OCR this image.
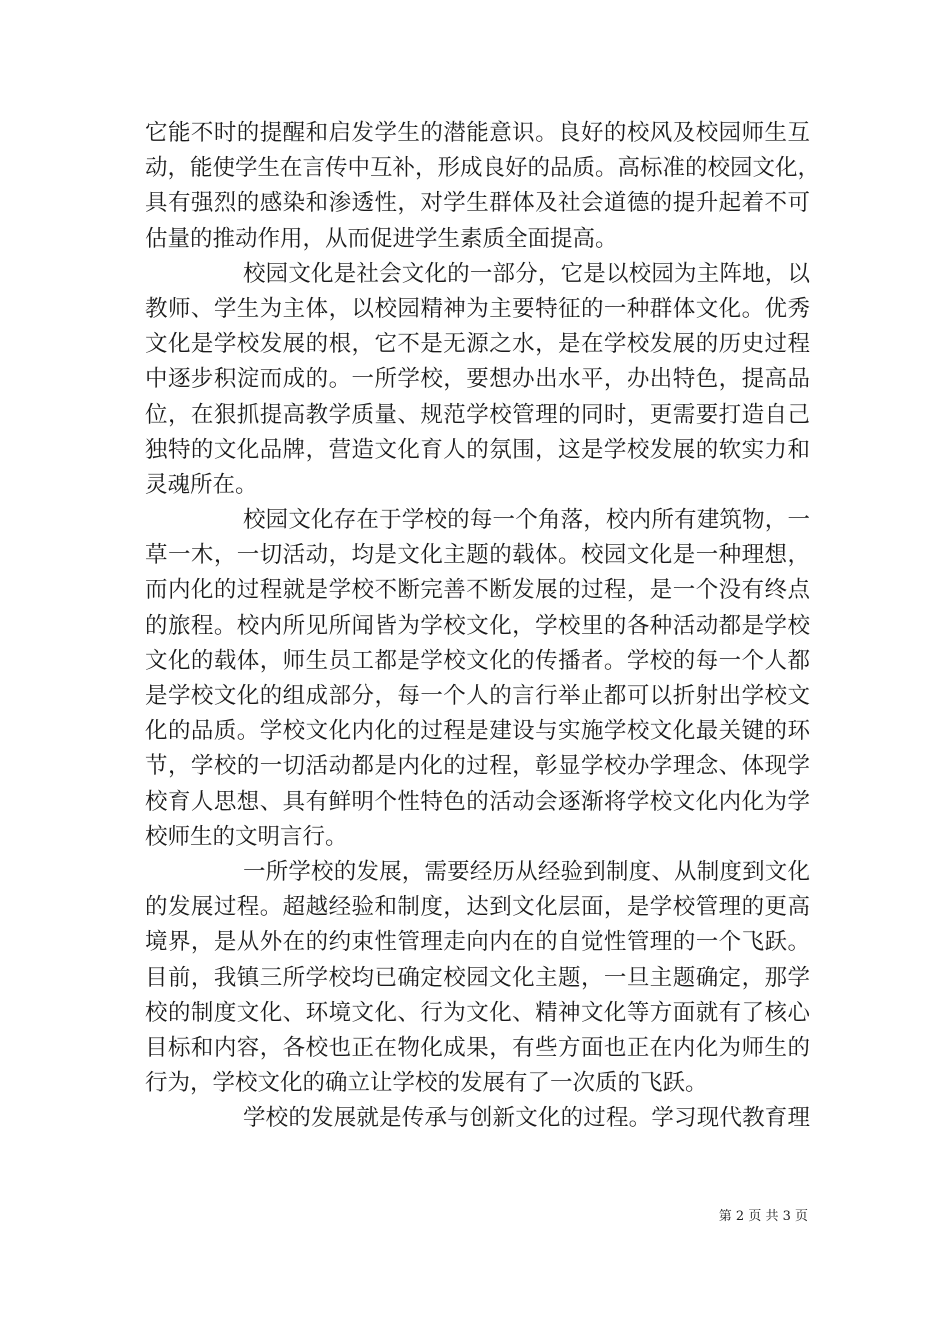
它能不时的提醒和启发学生的潜能意识。良好的校风及校园师生互
动，能使学生在言传中互补，形成良好的品质。高标准的校园文化，
具有强烈的感染和渗透性，对学生群体及社会道德的提升起着不可
估量的推动作用，从而促进学生素质全面提高。
校园文化是社会文化的一部分，它是以校园为主阵地，以
教师、学生为主体，以校园精神为主要特征的一种群体文化。优秀
文化是学校发展的根，它不是无源之水，是在学校发展的历史过程
中逐步积淀而成的。一所学校，要想办出水平，办出特色，提高品
位，在狠抓提高教学质量、规范学校管理的同时，更需要打造自己
独特的文化品牌，营造文化育人的氛围，这是学校发展的软实力和
灵魂所在。
校园文化存在于学校的每一个角落，校内所有建筑物，一
草一木，一切活动，均是文化主题的载体。校园文化是一种理想，
而内化的过程就是学校不断完善不断发展的过程，是一个没有终点
的旅程。校内所见所闻皆为学校文化，学校里的各种活动都是学校
文化的载体，师生员工都是学校文化的传播者。学校的每一个人都
是学校文化的组成部分，每一个人的言行举止都可以折射出学校文
化的品质。学校文化内化的过程是建设与实施学校文化最关键的环
节，学校的一切活动都是内化的过程，彰显学校办学理念、体现学
校育人思想、具有鲜明个性特色的活动会逐渐将学校文化内化为学
校师生的文明言行。
一所学校的发展，需要经历从经验到制度、从制度到文化
的发展过程。超越经验和制度，达到文化层面，是学校管理的更高
境界，是从外在的约束性管理走向内在的自觉性管理的一个飞跃。
目前，我镇三所学校均已确定校园文化主题，一旦主题确定，那学
校的制度文化、环境文化、行为文化、精神文化等方面就有了核心
目标和内容，各校也正在物化成果，有些方面也正在内化为师生的
行为，学校文化的确立让学校的发展有了一次质的飞跃。
学校的发展就是传承与创新文化的过程。学习现代教育理
第 2 页 共 3 页
